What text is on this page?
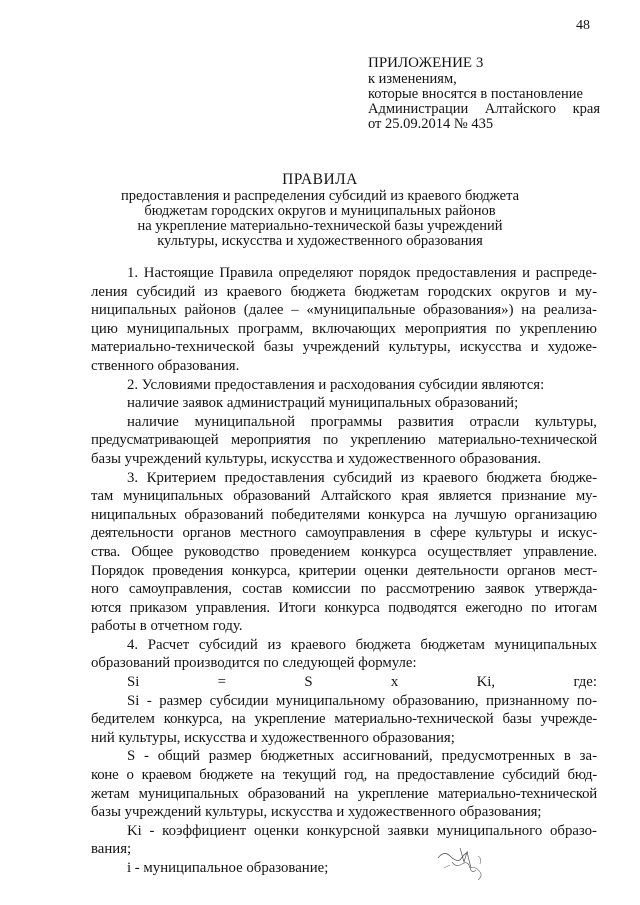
48
ПРИЛОЖЕНИЕ 3
к изменениям,
которые вносятся в постановление
Администрации Алтайского края
от 25.09.2014 № 435
ПРАВИЛА
предоставления и распределения субсидий из краевого бюджета
бюджетам городских округов и муниципальных районов
на укрепление материально-технической базы учреждений
культуры, искусства и художественного образования

1. Настоящие Правила определяют порядок предоставления и распреде-

ления субсидий из краевого бюджета бюджетам городских округов и му-

ниципальных районов (далее – «муниципальные образования») на реализа-

цию муниципальных программ, включающих мероприятия по укреплению

материально-технической базы учреждений культуры, искусства и художе-

ственного образования.

2. Условиями предоставления и расходования субсидии являются:

наличие заявок администраций муниципальных образований;

наличие муниципальной программы развития отрасли культуры,

предусматривающей мероприятия по укреплению материально-технической

базы учреждений культуры, искусства и художественного образования.

3. Критерием предоставления субсидий из краевого бюджета бюдже-

там муниципальных образований Алтайского края является признание му-

ниципальных образований победителями конкурса на лучшую организацию

деятельности органов местного самоуправления в сфере культуры и искус-

ства. Общее руководство проведением конкурса осуществляет управление.

Порядок проведения конкурса, критерии оценки деятельности органов мест-

ного самоуправления, состав комиссии по рассмотрению заявок утвержда-

ются приказом управления. Итоги конкурса подводятся ежегодно по итогам

работы в отчетном году.

4. Расчет субсидий из краевого бюджета бюджетам муниципальных

образований производится по следующей формуле:

Si = S x Ki, где:

Si - размер субсидии муниципальному образованию, признанному по-

бедителем конкурса, на укрепление материально-технической базы учрежде-

ний культуры, искусства и художественного образования;

S - общий размер бюджетных ассигнований, предусмотренных в за-

коне о краевом бюджете на текущий год, на предоставление субсидий бюд-

жетам муниципальных образований на укрепление материально-технической

базы учреждений культуры, искусства и художественного образования;

Ki - коэффициент оценки конкурсной заявки муниципального образо-

вания;

i - муниципальное образование;
